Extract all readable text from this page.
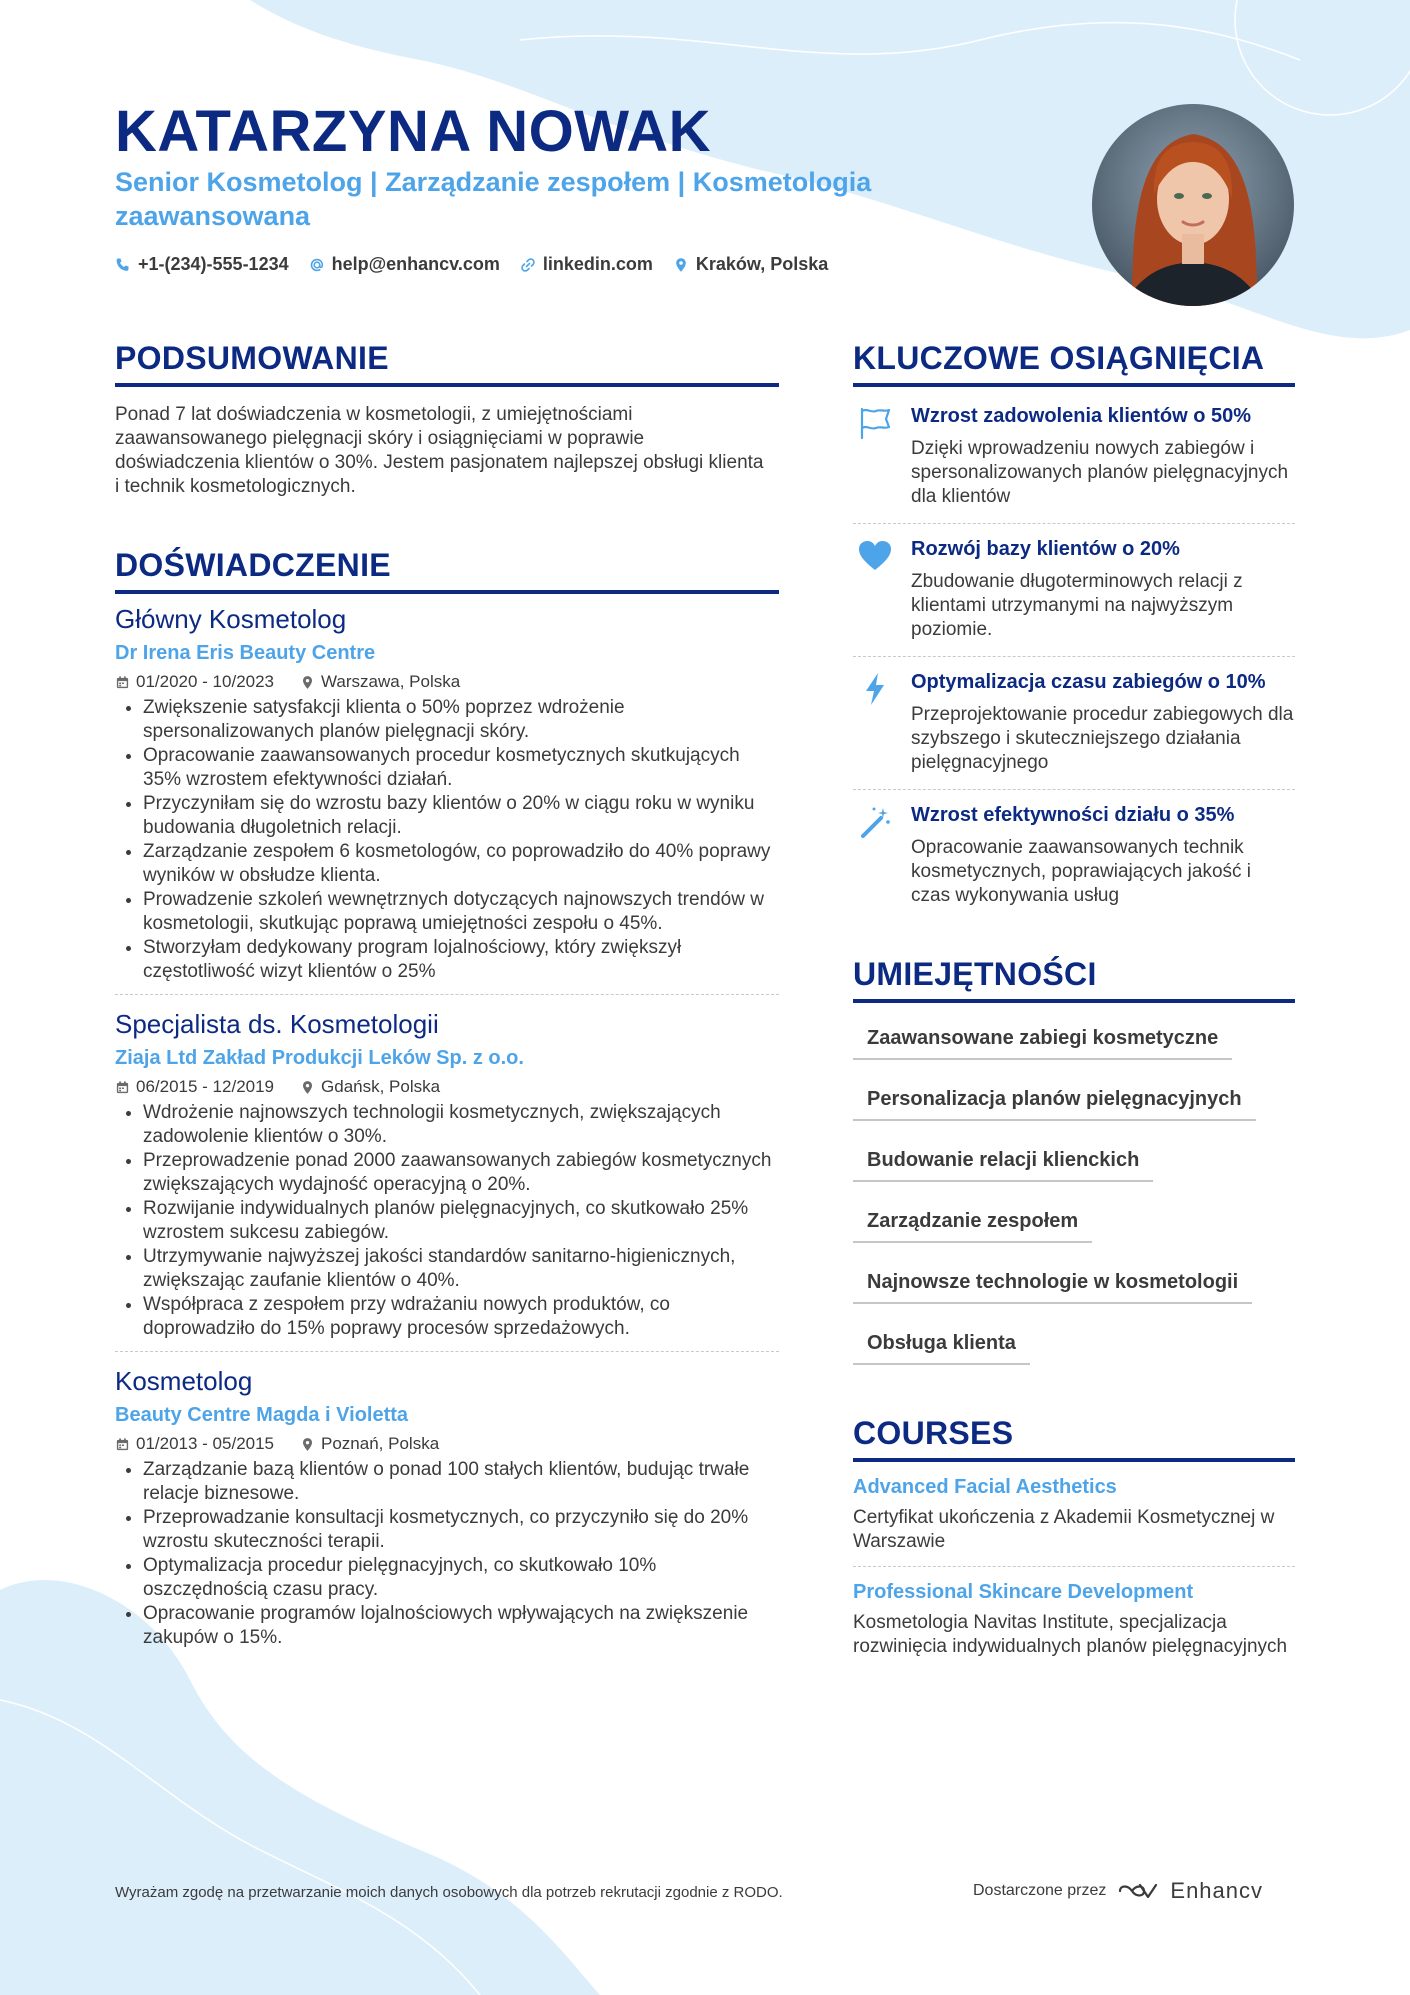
KATARZYNA NOWAK

Senior Kosmetolog | Zarządzanie zespołem | Kosmetologia zaawansowana

+1-(234)-555-1234 help@enhancv.com linkedin.com Kraków, Polska
PODSUMOWANIE

Ponad 7 lat doświadczenia w kosmetologii, z umiejętnościami zaawansowanego pielęgnacji skóry i osiągnięciami w poprawie doświadczenia klientów o 30%. Jestem pasjonatem najlepszej obsługi klienta i technik kosmetologicznych.

DOŚWIADCZENIE
Główny Kosmetolog

Dr Irena Eris Beauty Centre

01/2020 - 10/2023	Warszawa, Polska
• Zwiększenie satysfakcji klienta o 50% poprzez wdrożenie spersonalizowanych planów pielęgnacji skóry.
• Opracowanie zaawansowanych procedur kosmetycznych skutkujących 35% wzrostem efektywności działań.
• Przyczyniłam się do wzrostu bazy klientów o 20% w ciągu roku w wyniku budowania długoletnich relacji.
• Zarządzanie zespołem 6 kosmetologów, co poprowadziło do 40% poprawy wyników w obsłudze klienta.
• Prowadzenie szkoleń wewnętrznych dotyczących najnowszych trendów w kosmetologii, skutkując poprawą umiejętności zespołu o 45%.
• Stworzyłam dedykowany program lojalnościowy, który zwiększył częstotliwość wizyt klientów o 25%
Specjalista ds. Kosmetologii

Ziaja Ltd Zakład Produkcji Leków Sp. z o.o.

06/2015 - 12/2019	Gdańsk, Polska
• Wdrożenie najnowszych technologii kosmetycznych, zwiększających zadowolenie klientów o 30%.
• Przeprowadzenie ponad 2000 zaawansowanych zabiegów kosmetycznych zwiększających wydajność operacyjną o 20%.
• Rozwijanie indywidualnych planów pielęgnacyjnych, co skutkowało 25% wzrostem sukcesu zabiegów.
• Utrzymywanie najwyższej jakości standardów sanitarno-higienicznych, zwiększając zaufanie klientów o 40%.
• Współpraca z zespołem przy wdrażaniu nowych produktów, co doprowadziło do 15% poprawy procesów sprzedażowych.
Kosmetolog

Beauty Centre Magda i Violetta

01/2013 - 05/2015	Poznań, Polska
• Zarządzanie bazą klientów o ponad 100 stałych klientów, budując trwałe relacje biznesowe.
• Przeprowadzanie konsultacji kosmetycznych, co przyczyniło się do 20% wzrostu skuteczności terapii.
• Optymalizacja procedur pielęgnacyjnych, co skutkowało 10% oszczędnością czasu pracy.
• Opracowanie programów lojalnościowych wpływających na zwiększenie zakupów o 15%.
KLUCZOWE OSIĄGNIĘCIA

Wzrost zadowolenia klientów o 50%

Dzięki wprowadzeniu nowych zabiegów i spersonalizowanych planów pielęgnacyjnych dla klientów

Rozwój bazy klientów o 20%

Zbudowanie długoterminowych relacji z klientami utrzymanymi na najwyższym poziomie.

Optymalizacja czasu zabiegów o 10%

Przeprojektowanie procedur zabiegowych dla szybszego i skuteczniejszego działania pielęgnacyjnego

Wzrost efektywności działu o 35%

Opracowanie zaawansowanych technik kosmetycznych, poprawiających jakość i czas wykonywania usług

UMIEJĘTNOŚCI
Zaawansowane zabiegi kosmetyczne
Personalizacja planów pielęgnacyjnych
Budowanie relacji klienckich
Zarządzanie zespołem
Najnowsze technologie w kosmetologii
Obsługa klienta
COURSES

Advanced Facial Aesthetics

Certyfikat ukończenia z Akademii Kosmetycznej w Warszawie

Professional Skincare Development

Kosmetologia Navitas Institute, specjalizacja rozwinięcia indywidualnych planów pielęgnacyjnych

Wyrażam zgodę na przetwarzanie moich danych osobowych dla potrzeb rekrutacji zgodnie z RODO.	Dostarczone przez	Enhancv
